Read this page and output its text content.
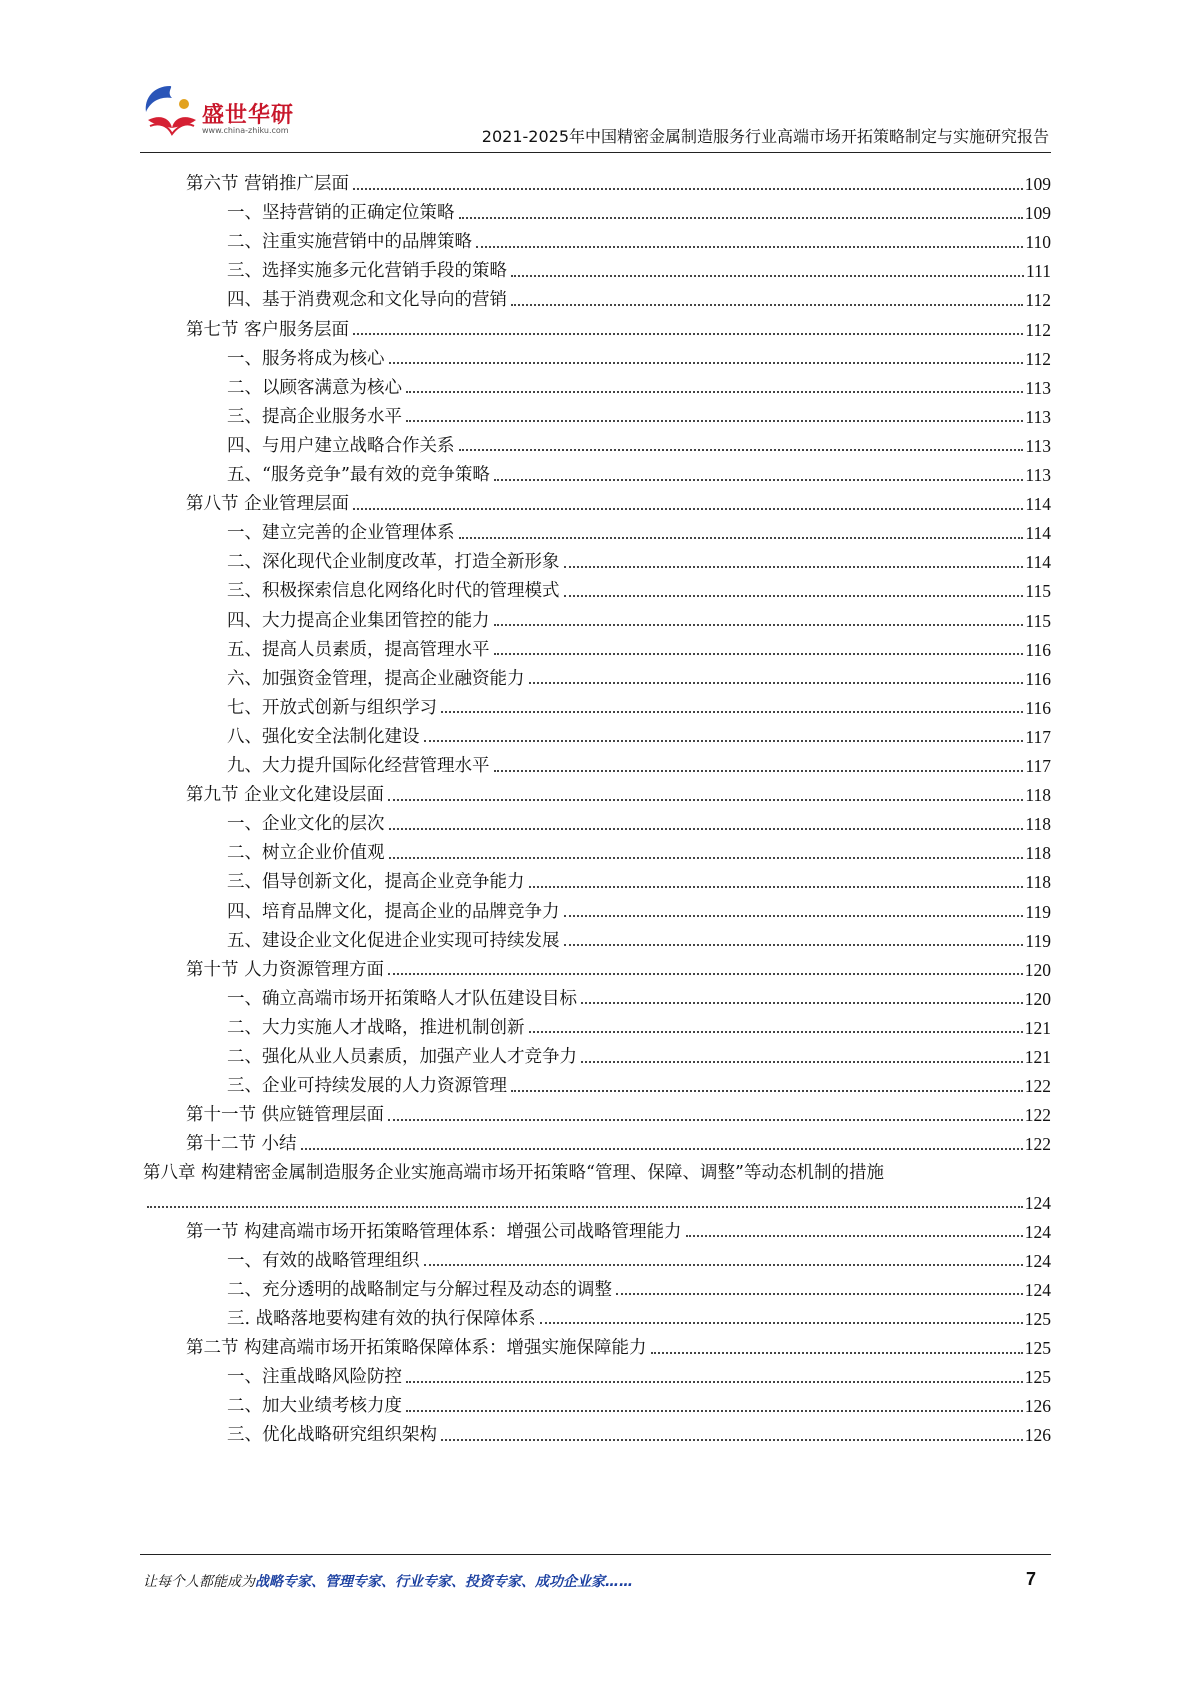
盛世华研
www.china-zhiku.com	2021-2025年中国精密金属制造服务行业高端市场开拓策略制定与实施研究报告
第六节 营销推广层面	109
一、坚持营销的正确定位策略	109
二、注重实施营销中的品牌策略	110
三、选择实施多元化营销手段的策略	111
四、基于消费观念和文化导向的营销	112
第七节 客户服务层面	112
一、服务将成为核心	112
二、以顾客满意为核心	113
三、提高企业服务水平	113
四、与用户建立战略合作关系	113
五、“服务竞争”最有效的竞争策略	113
第八节 企业管理层面	114
一、建立完善的企业管理体系	114
二、深化现代企业制度改革，打造全新形象	114
三、积极探索信息化网络化时代的管理模式	115
四、大力提高企业集团管控的能力	115
五、提高人员素质，提高管理水平	116
六、加强资金管理，提高企业融资能力	116
七、开放式创新与组织学习	116
八、强化安全法制化建设	117
九、大力提升国际化经营管理水平	117
第九节 企业文化建设层面	118
一、企业文化的层次	118
二、树立企业价值观	118
三、倡导创新文化，提高企业竞争能力	118
四、培育品牌文化，提高企业的品牌竞争力	119
五、建设企业文化促进企业实现可持续发展	119
第十节 人力资源管理方面	120
一、确立高端市场开拓策略人才队伍建设目标	120
二、大力实施人才战略，推进机制创新	121
二、强化从业人员素质，加强产业人才竞争力	121
三、企业可持续发展的人力资源管理	122
第十一节 供应链管理层面	122
第十二节 小结	122
第八章 构建精密金属制造服务企业实施高端市场开拓策略“管理、保障、调整”等动态机制的措施
124
第一节 构建高端市场开拓策略管理体系：增强公司战略管理能力	124
一、有效的战略管理组织	124
二、充分透明的战略制定与分解过程及动态的调整	124
三. 战略落地要构建有效的执行保障体系	125
第二节 构建高端市场开拓策略保障体系：增强实施保障能力	125
一、注重战略风险防控	125
二、加大业绩考核力度	126
三、优化战略研究组织架构	126
让每个人都能成为战略专家、管理专家、行业专家、投资专家、成功企业家……	7
